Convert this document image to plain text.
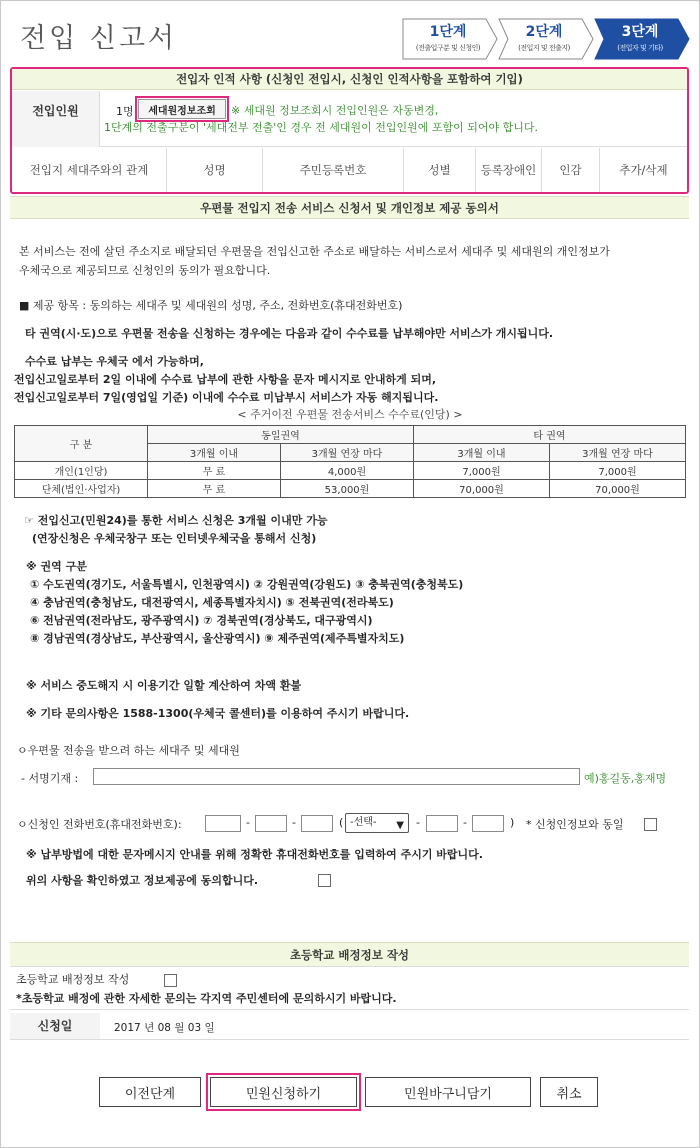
전입 신고서	1단계
(전출입구분 및 신청인)
2단계
(전입지 및 전출지)
3단계
(전입자 및 기타)
전입자 인적 사항 (신청인 전입시, 신청인 인적사항을 포함하여 기입)
전입인원	1명	세대원정보조회	※ 세대원 정보조회시 전입인원은 자동변경,
1단계의 전출구분이 '세대전부 전출'인 경우 전 세대원이 전입인원에 포함이 되어야 합니다.
전입지 세대주와의 관계	성명	주민등록번호	성별	등록장애인	인감	추가/삭제
우편물 전입지 전송 서비스 신청서 및 개인정보 제공 동의서
본 서비스는 전에 살던 주소지로 배달되던 우편물을 전입신고한 주소로 배달하는 서비스로서 세대주 및 세대원의 개인정보가
우체국으로 제공되므로 신청인의 동의가 필요합니다.
■ 제공 항목 : 동의하는 세대주 및 세대원의 성명, 주소, 전화번호(휴대전화번호)
타 권역(시·도)으로 우편물 전송을 신청하는 경우에는 다음과 같이 수수료를 납부해야만 서비스가 개시됩니다.
수수료 납부는 우체국 에서 가능하며,
전입신고일로부터 2일 이내에 수수료 납부에 관한 사항을 문자 메시지로 안내하게 되며,
전입신고일로부터 7일(영업일 기준) 이내에 수수료 미납부시 서비스가 자동 해지됩니다.
< 주거이전 우편물 전송서비스 수수료(인당) >
구 분	동일권역		타 권역	
	3개월 이내	3개월 연장 마다	3개월 이내	3개월 연장 마다
개인(1인당)	무 료	4,000원	7,000원	7,000원
단체(법인·사업자)	무 료	53,000원	70,000원	70,000원
☞ 전입신고(민원24)를 통한 서비스 신청은 3개월 이내만 가능
(연장신청은 우체국창구 또는 인터넷우체국을 통해서 신청)
※ 권역 구분
① 수도권역(경기도, 서울특별시, 인천광역시) ② 강원권역(강원도) ③ 충북권역(충청북도)
④ 충남권역(충청남도, 대전광역시, 세종특별자치시) ⑤ 전북권역(전라북도)
⑥ 전남권역(전라남도, 광주광역시) ⑦ 경북권역(경상북도, 대구광역시)
⑧ 경남권역(경상남도, 부산광역시, 울산광역시) ⑨ 제주권역(제주특별자치도)
※ 서비스 중도해지 시 이용기간 일할 계산하여 차액 환불
※ 기타 문의사항은 1588-1300(우체국 콜센터)를 이용하여 주시기 바랍니다.
ㅇ우편물 전송을 받으려 하는 세대주 및 세대원
- 서명기재 :	예)홍길동,홍재명
ㅇ신청인 전화번호(휴대전화번호):	-	-	( -선택- ▼ -	-	) * 신청인정보와 동일
※ 납부방법에 대한 문자메시지 안내를 위해 정확한 휴대전화번호를 입력하여 주시기 바랍니다.
위의 사항을 확인하였고 정보제공에 동의합니다.
초등학교 배정정보 작성
초등학교 배정정보 작성
*초등학교 배정에 관한 자세한 문의는 각지역 주민센터에 문의하시기 바랍니다.
신청일	2017 년 08 월 03 일
이전단계	민원신청하기	민원바구니담기	취소
